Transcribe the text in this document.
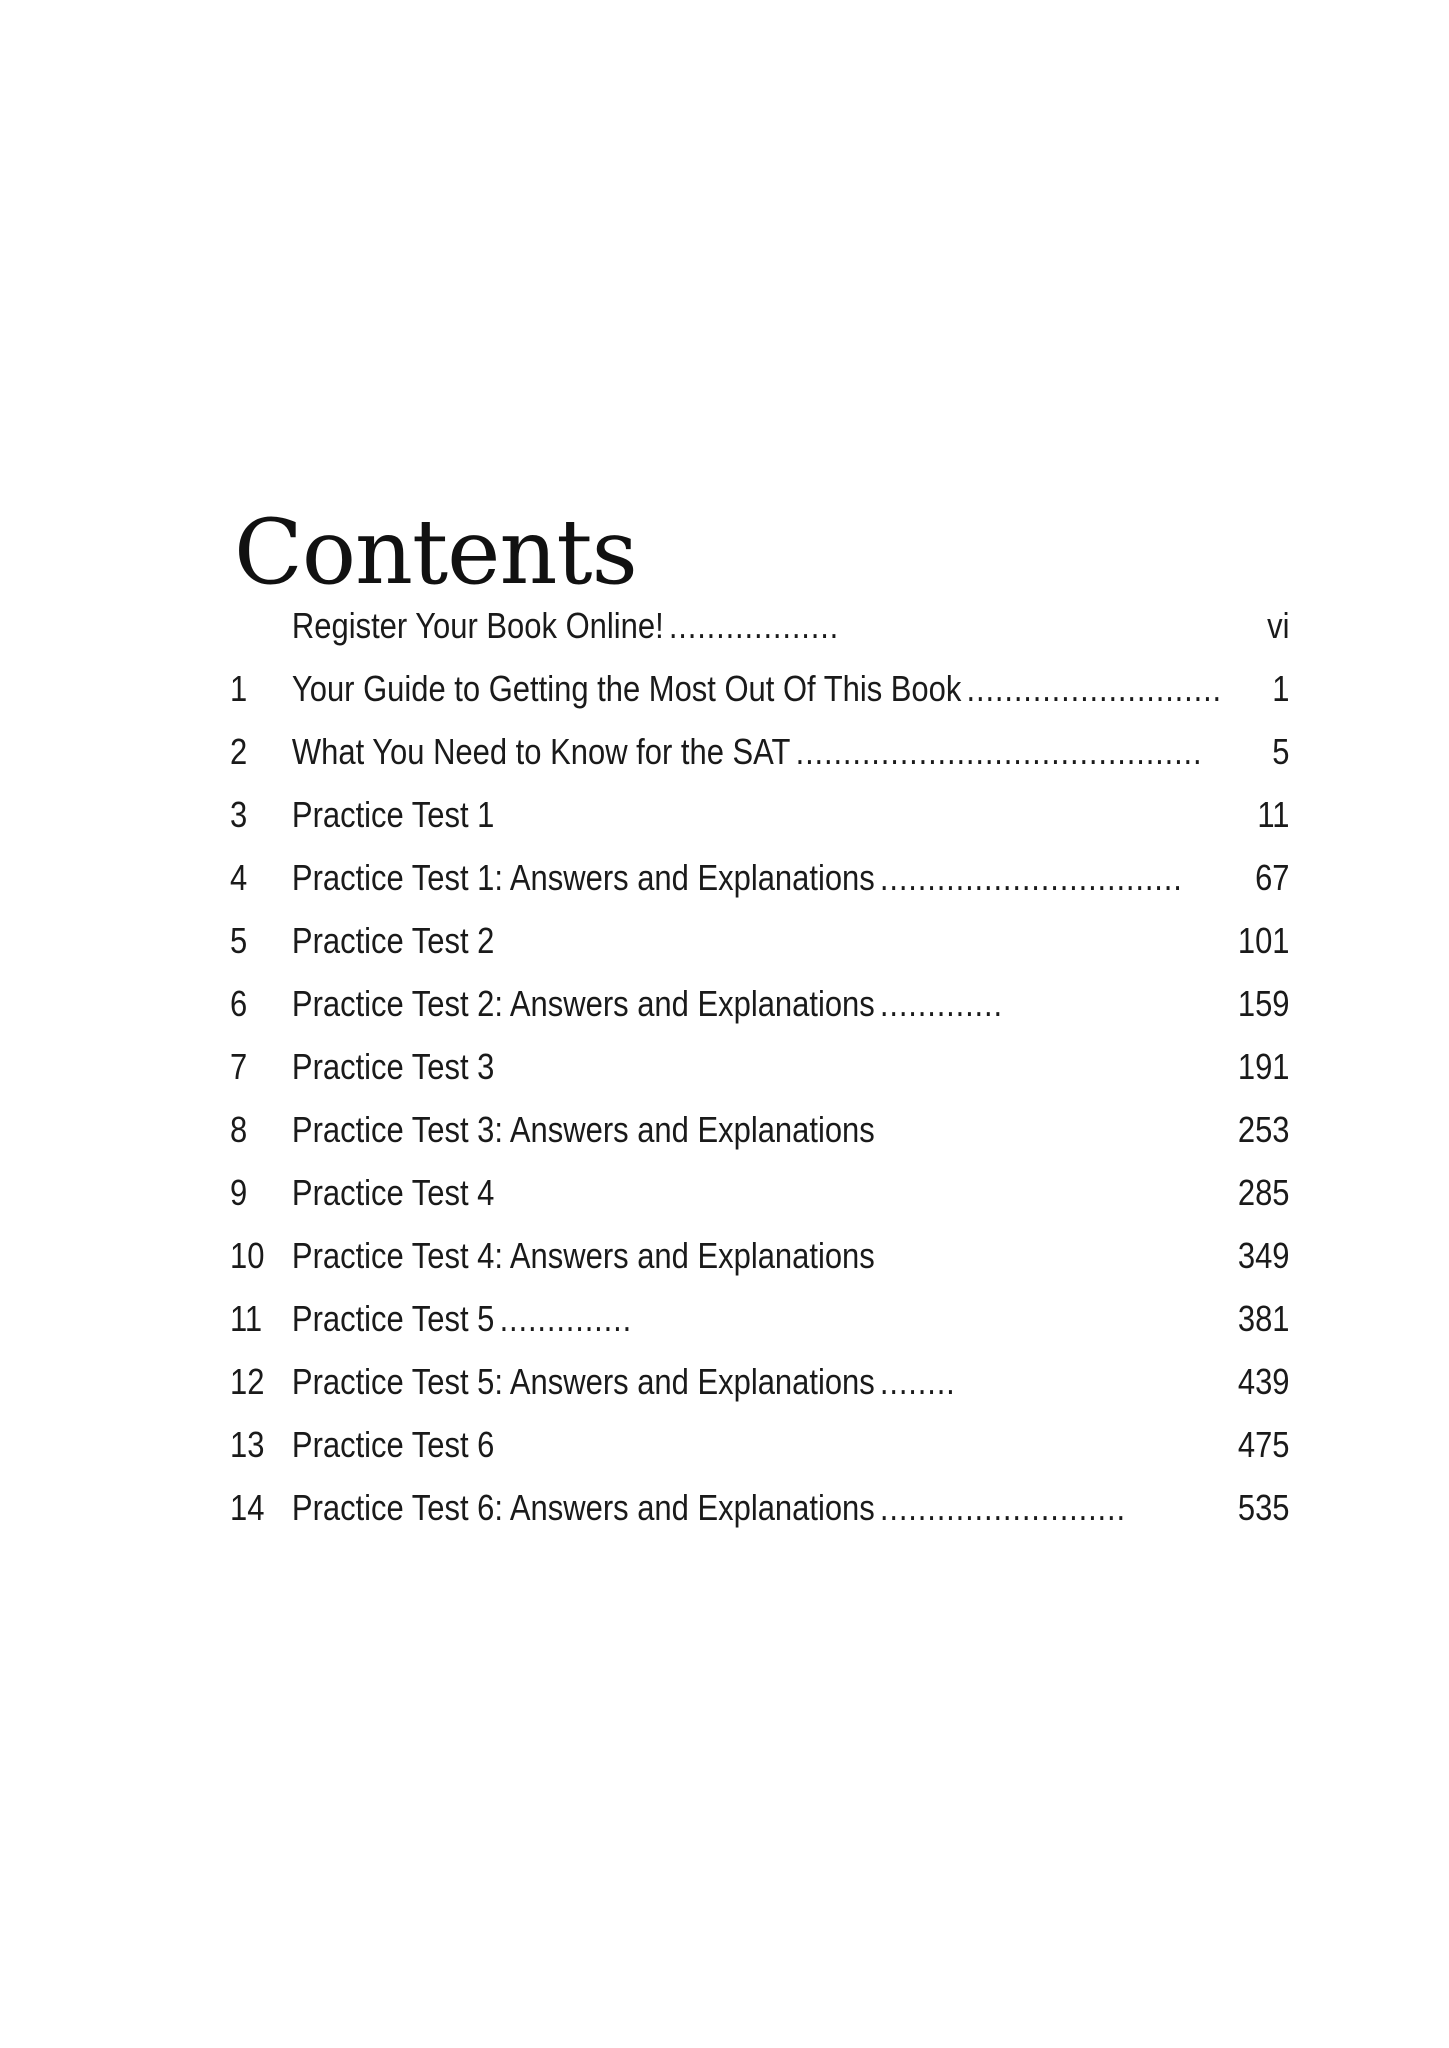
Contents
Register Your Book Online! ..................	vi
1	Your Guide to Getting the Most Out Of This Book ........................... 1
2	What You Need to Know for the SAT ........................................... 5
3	Practice Test 1	11
4	Practice Test 1: Answers and Explanations ................................ 67
5	Practice Test 2	101
6	Practice Test 2: Answers and Explanations .............	159
7	Practice Test 3	191
8	Practice Test 3: Answers and Explanations	253
9	Practice Test 4	285
10 Practice Test 4: Answers and Explanations	349
11 Practice Test 5 ..............	381
12 Practice Test 5: Answers and Explanations ........	439
13 Practice Test 6	475
14 Practice Test 6: Answers and Explanations ..........................	535
